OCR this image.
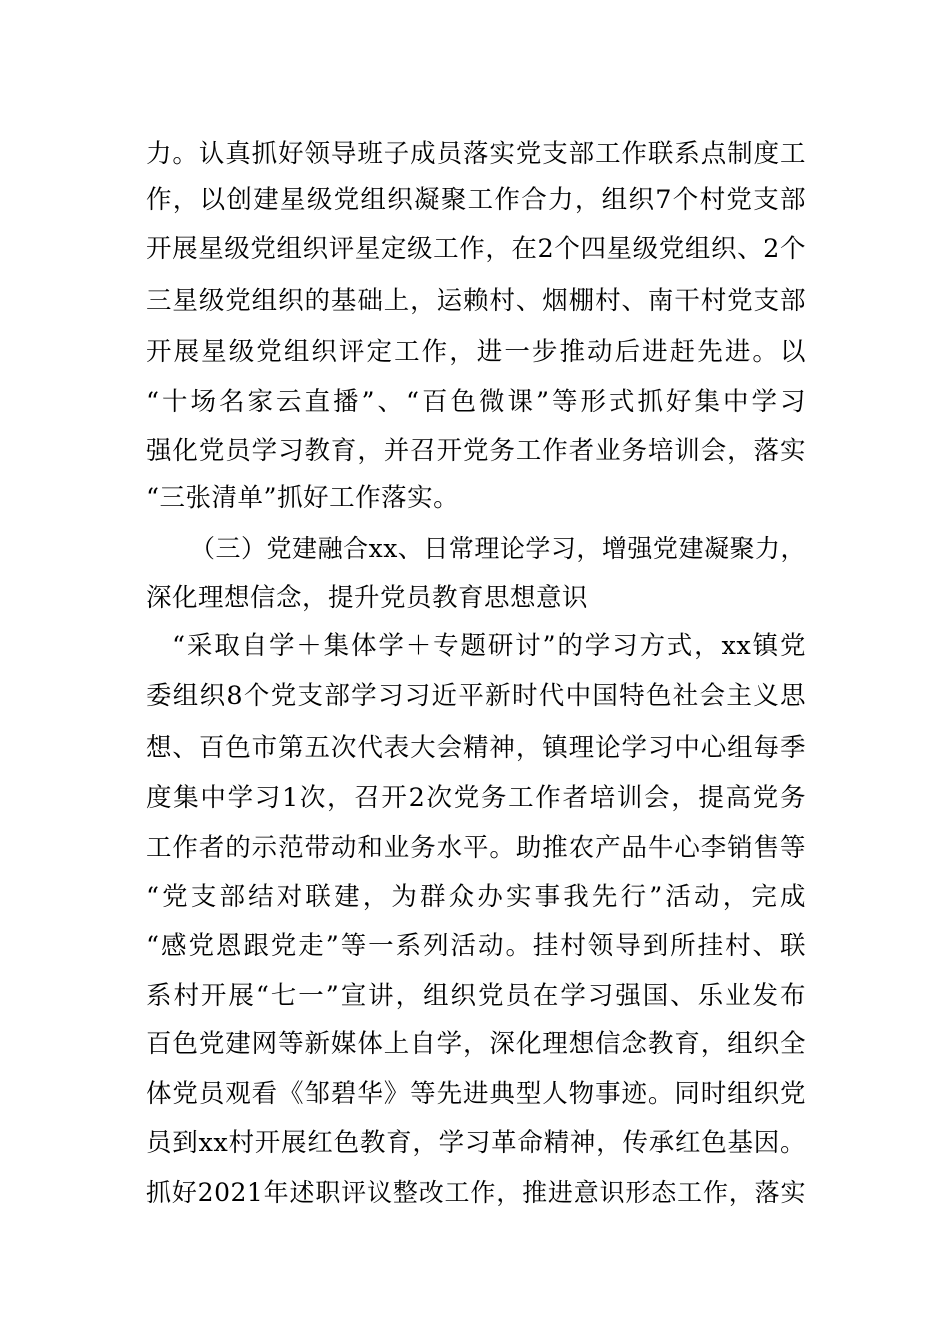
力。认真抓好领导班子成员落实党支部工作联系点制度工
作，以创建星级党组织凝聚工作合力，组织7个村党支部
开展星级党组织评星定级工作，在2个四星级党组织、2个
三星级党组织的基础上，运赖村、烟棚村、南干村党支部
开展星级党组织评定工作，进一步推动后进赶先进。以
“十场名家云直播”、“百色微课”等形式抓好集中学习
强化党员学习教育，并召开党务工作者业务培训会，落实
“三张清单”抓好工作落实。
（三）党建融合xx、日常理论学习，增强党建凝聚力，
深化理想信念，提升党员教育思想意识
“采取自学＋集体学＋专题研讨”的学习方式，xx镇党
委组织8个党支部学习习近平新时代中国特色社会主义思
想、百色市第五次代表大会精神，镇理论学习中心组每季
度集中学习1次，召开2次党务工作者培训会，提高党务
工作者的示范带动和业务水平。助推农产品牛心李销售等
“党支部结对联建，为群众办实事我先行”活动，完成
“感党恩跟党走”等一系列活动。挂村领导到所挂村、联
系村开展“七一”宣讲，组织党员在学习强国、乐业发布
百色党建网等新媒体上自学，深化理想信念教育，组织全
体党员观看《邹碧华》等先进典型人物事迹。同时组织党
员到xx村开展红色教育，学习革命精神，传承红色基因。
抓好2021年述职评议整改工作，推进意识形态工作，落实
